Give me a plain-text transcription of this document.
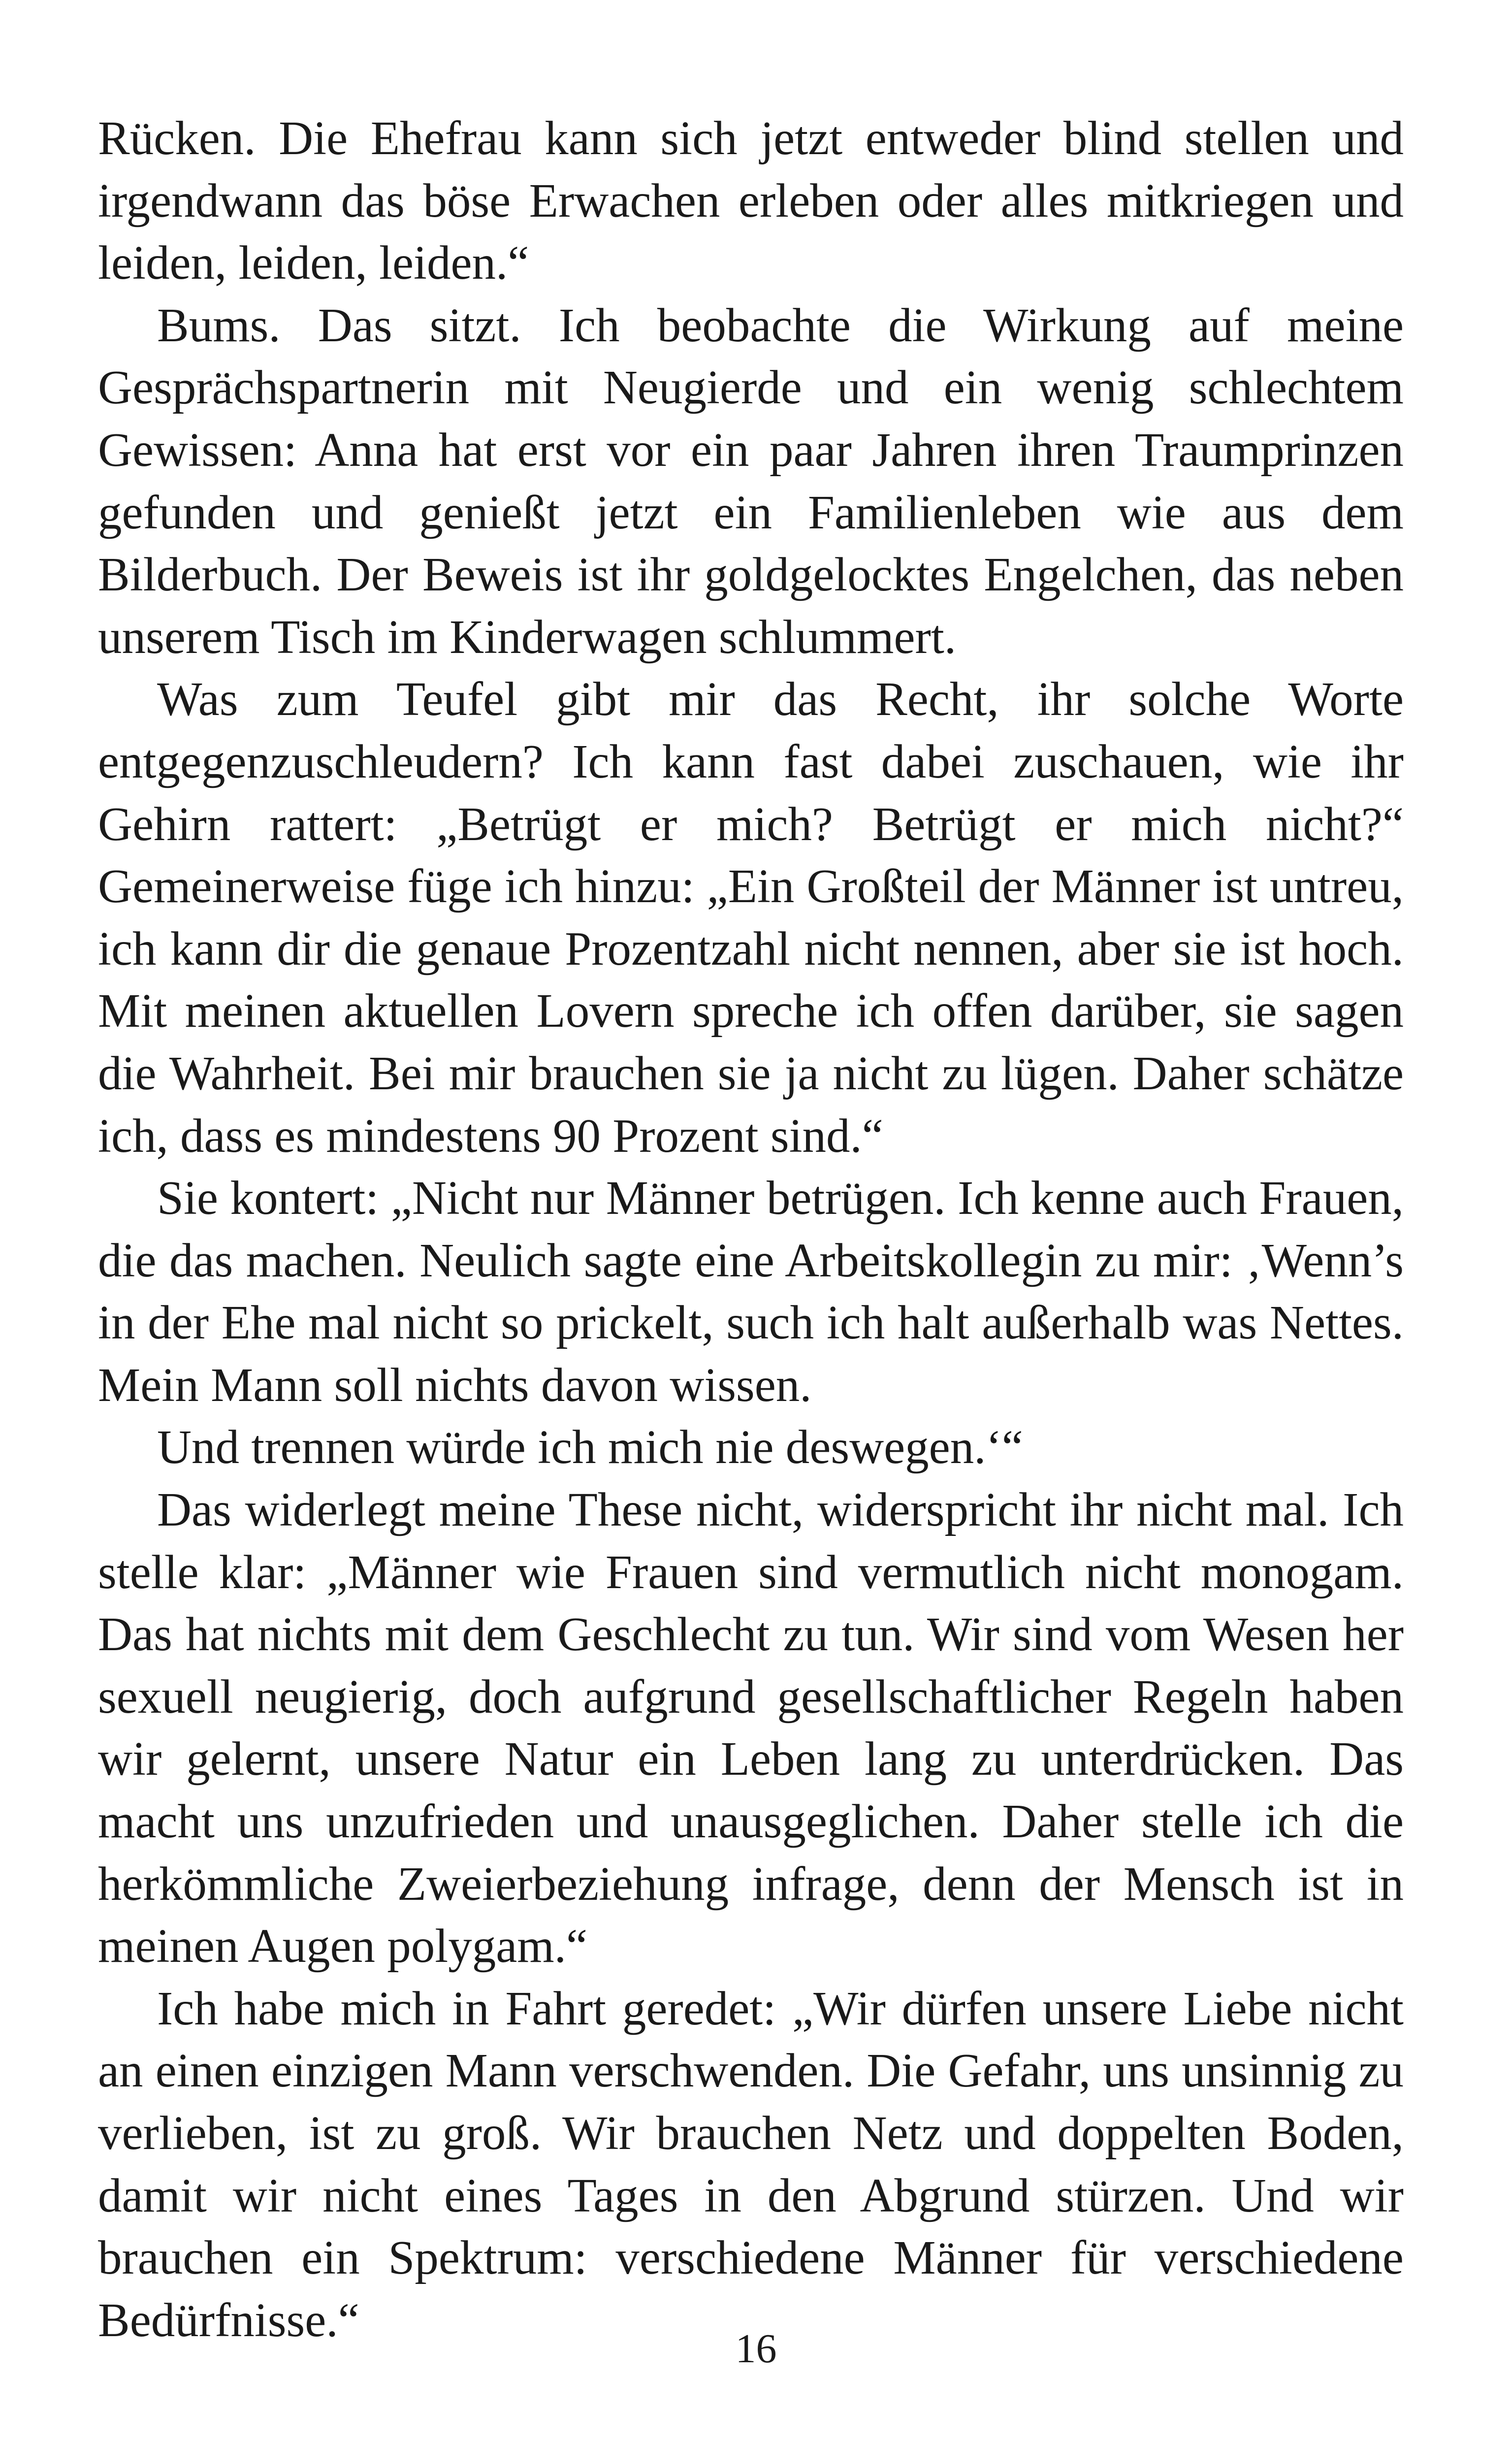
Rücken. Die Ehefrau kann sich jetzt entweder blind stellen und irgendwann das böse Erwachen erleben oder alles mitkriegen und leiden, leiden, leiden.“

Bums. Das sitzt. Ich beobachte die Wirkung auf meine Gesprächspartnerin mit Neugierde und ein wenig schlechtem Gewissen: Anna hat erst vor ein paar Jahren ihren Traumprinzen gefunden und genießt jetzt ein Familienleben wie aus dem Bilderbuch. Der Beweis ist ihr goldgelocktes Engelchen, das neben unserem Tisch im Kinderwagen schlummert.

Was zum Teufel gibt mir das Recht, ihr solche Worte entgegenzuschleudern? Ich kann fast dabei zuschauen, wie ihr Gehirn rattert: „Betrügt er mich? Betrügt er mich nicht?“ Gemeinerweise füge ich hinzu: „Ein Großteil der Männer ist untreu, ich kann dir die genaue Prozentzahl nicht nennen, aber sie ist hoch. Mit meinen aktuellen Lovern spreche ich offen darüber, sie sagen die Wahrheit. Bei mir brauchen sie ja nicht zu lügen. Daher schätze ich, dass es mindestens 90 Prozent sind.“

Sie kontert: „Nicht nur Männer betrügen. Ich kenne auch Frauen, die das machen. Neulich sagte eine Arbeitskollegin zu mir: ‚Wenn’s in der Ehe mal nicht so prickelt, such ich halt außerhalb was Nettes. Mein Mann soll nichts davon wissen.

Und trennen würde ich mich nie deswegen.‘“

Das widerlegt meine These nicht, widerspricht ihr nicht mal. Ich stelle klar: „Männer wie Frauen sind vermutlich nicht monogam. Das hat nichts mit dem Geschlecht zu tun. Wir sind vom Wesen her sexuell neugierig, doch aufgrund gesellschaftlicher Regeln haben wir gelernt, unsere Natur ein Leben lang zu unterdrücken. Das macht uns unzufrieden und unausgeglichen. Daher stelle ich die herkömmliche Zweierbeziehung infrage, denn der Mensch ist in meinen Augen polygam.“

Ich habe mich in Fahrt geredet: „Wir dürfen unsere Liebe nicht an einen einzigen Mann verschwenden. Die Gefahr, uns unsinnig zu verlieben, ist zu groß. Wir brauchen Netz und doppelten Boden, damit wir nicht eines Tages in den Abgrund stürzen. Und wir brauchen ein Spektrum: verschiedene Männer für verschiedene Bedürfnisse.“

16
